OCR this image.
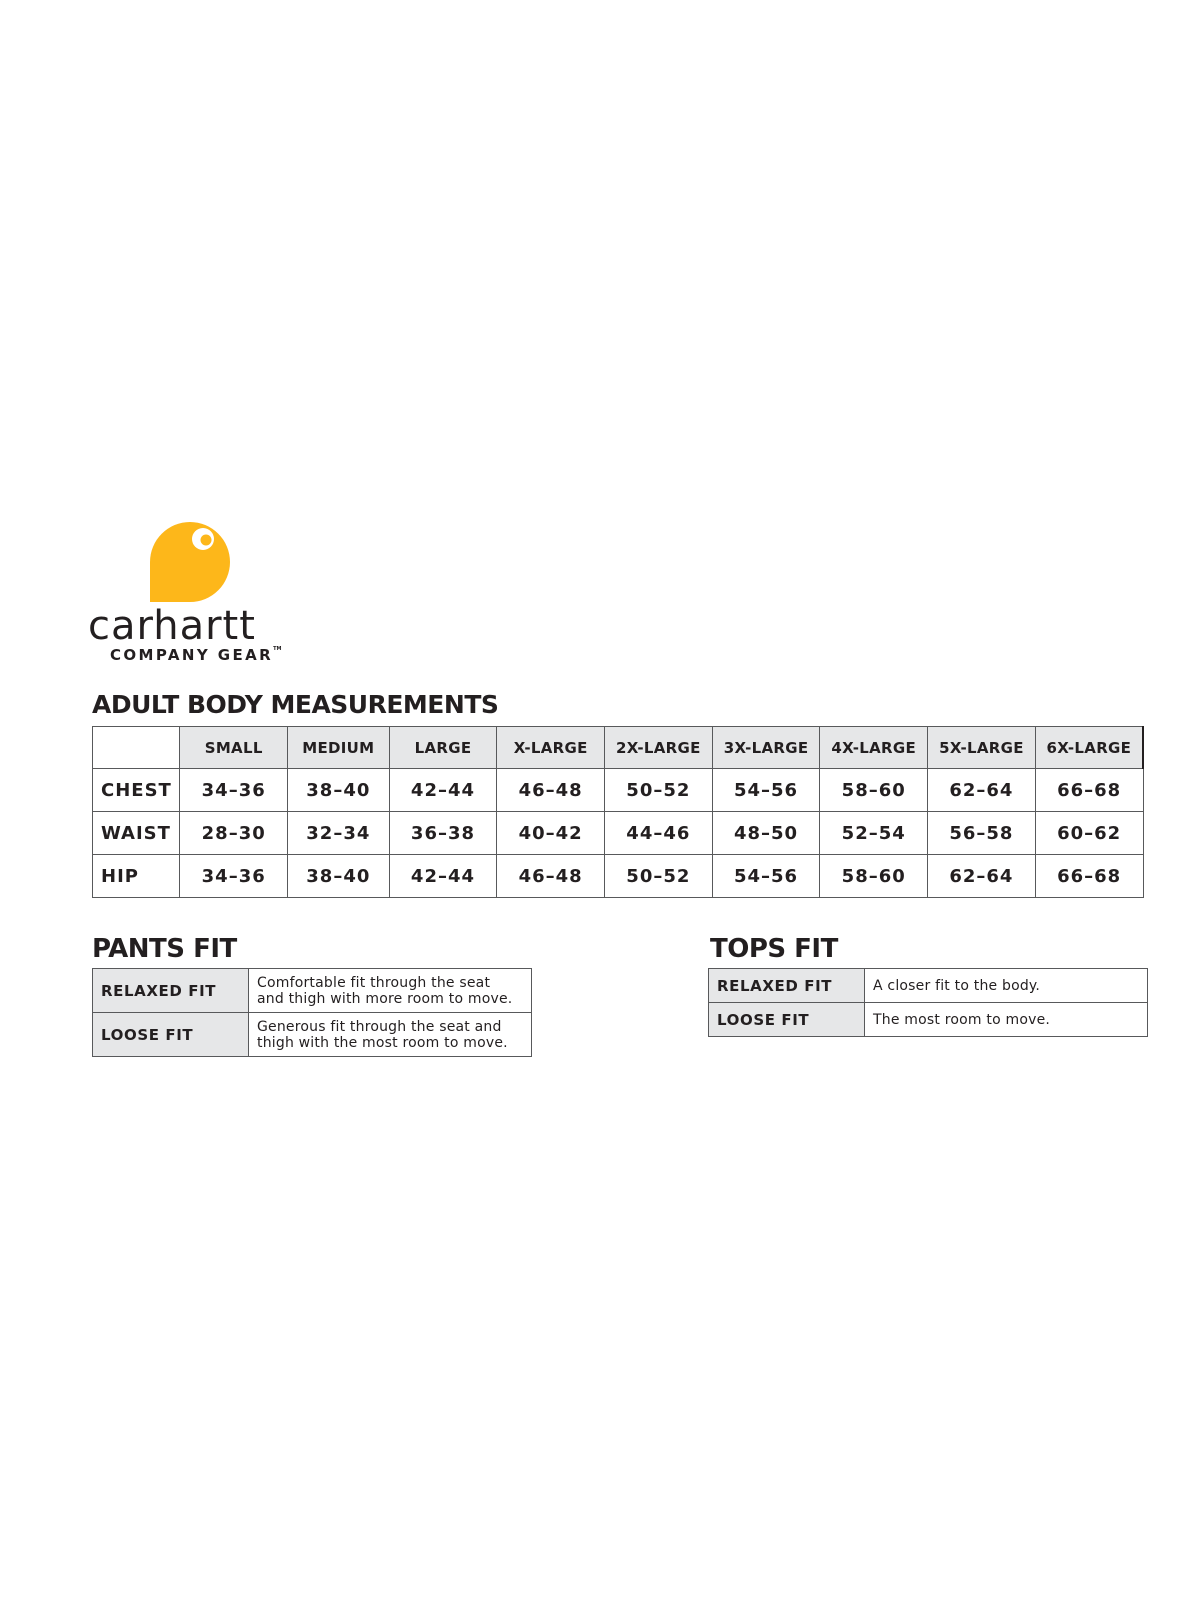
carhartt
COMPANY GEAR™
ADULT BODY MEASUREMENTS
	SMALL	MEDIUM	LARGE	X-LARGE	2X-LARGE	3X-LARGE	4X-LARGE	5X-LARGE	6X-LARGE
CHEST	34–36	38–40	42–44	46–48	50–52	54–56	58–60	62–64	66–68
WAIST	28–30	32–34	36–38	40–42	44–46	48–50	52–54	56–58	60–62
HIP	34–36	38–40	42–44	46–48	50–52	54–56	58–60	62–64	66–68
PANTS FIT
RELAXED FIT	Comfortable fit through the seat
and thigh with more room to move.
LOOSE FIT	Generous fit through the seat and
thigh with the most room to move.
TOPS FIT
RELAXED FIT	A closer fit to the body.
LOOSE FIT	The most room to move.
